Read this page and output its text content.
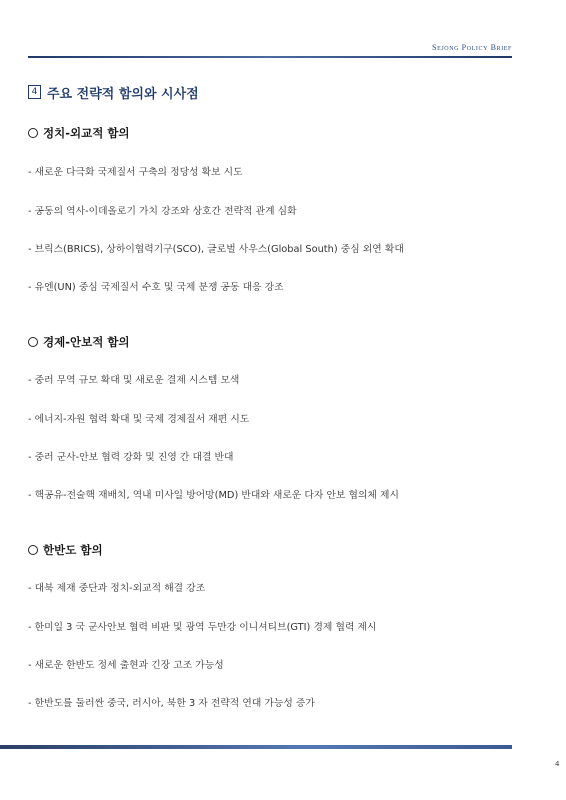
Sejong Policy Brief
4 주요 전략적 함의와 시사점
정치-외교적 함의
- 새로운 다극화 국제질서 구축의 정당성 확보 시도
- 공동의 역사-이데올로기 가치 강조와 상호간 전략적 관계 심화
- 브릭스(BRICS), 상하이협력기구(SCO), 글로벌 사우스(Global South) 중심 외연 확대
- 유엔(UN) 중심 국제질서 수호 및 국제 분쟁 공동 대응 강조
경제-안보적 함의
- 중러 무역 규모 확대 및 새로운 결제 시스템 모색
- 에너지-자원 협력 확대 및 국제 경제질서 재편 시도
- 중러 군사-안보 협력 강화 및 진영 간 대결 반대
- 핵공유-전술핵 재배치, 역내 미사일 방어망(MD) 반대와 새로운 다자 안보 협의체 제시
한반도 함의
- 대북 제재 중단과 정치-외교적 해결 강조
- 한미일 3 국 군사안보 협력 비판 및 광역 두만강 이니셔티브(GTI) 경제 협력 제시
- 새로운 한반도 정세 출현과 긴장 고조 가능성
- 한반도를 둘러싼 중국, 러시아, 북한 3 자 전략적 연대 가능성 증가
4
